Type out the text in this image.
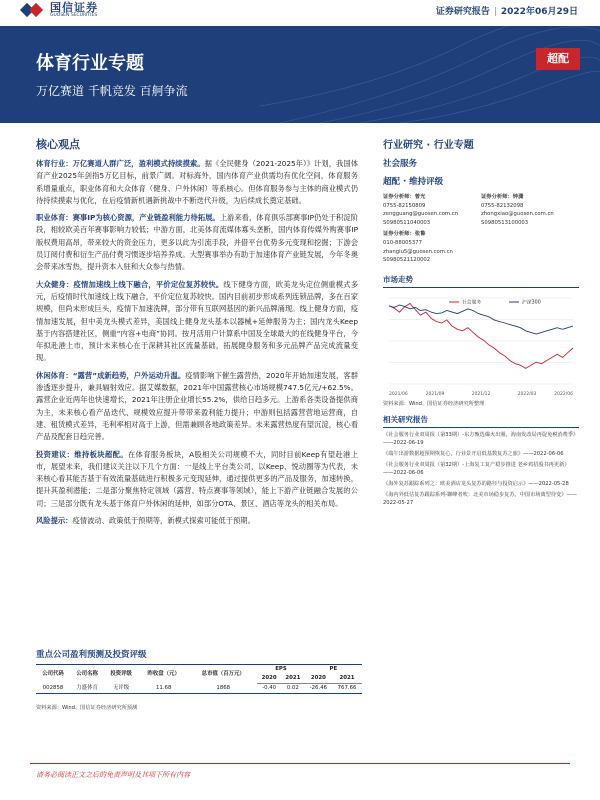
国信证券
GUOSEN SECURITIES	证券研究报告 | 2022年06月29日
体育行业专题
万亿赛道 千帆竞发 百舸争流
超配
核心观点

体育行业：万亿赛道人群广泛，盈利模式持续摸索。据《全民健身（2021-2025年）》计划，我国体育产业2025年剑指5万亿目标，前景广阔。对标海外，国内体育产业供需均有优化空间，体育服务系增量重点，职业体育和大众体育（健身、户外休闲）等系核心。但体育服务参与主体的商业模式仍待持续摸索与优化，在后疫情新机遇新挑战中不断迭代升级，为后续成长奠定基础。

职业体育：赛事IP为核心资源，产业链盈利能力待拓展。上游来看，体育俱乐部赛事IP仍处于积淀阶段，相较欧美百年赛事影响力较低；中游方面，北美体育流媒体寡头垄断，国内体育传媒外购赛事IP版权费用高昂，带来较大的资金压力，更多以此为引流手段，并借平台优势多元变现和挖掘；下游会员订阅付费和衍生产品付费习惯逐步培养养成。大型赛事举办有助于加速体育产业链发展，今年冬奥会带来冰雪热，提升资本入驻和大众参与热情。

大众健身：疫情加速线上线下融合，平价定位复苏较快。线下健身方面，欧美龙头定位侧重模式多元，后疫情时代加速线上线下融合，平价定位复苏较快。国内目前初步形成系列连锁品牌，多在百家规模，但尚未形成巨头，疫情下加速洗牌，部分带有互联网基因的新兴品牌涌现。线上健身方面，疫情加速发展，但中美龙头模式差异，美国线上健身龙头基本以器械+延伸服务为主；国内龙头Keep基于内容搭建社区，侧重“内容+电商”协同。按月活用户计算系中国及全球最大的在线健身平台，今年拟赴港上市，预计未来核心在于深耕其社区流量基础，拓展健身服务和多元品牌产品完成流量变现。

休闲体育：“露营”成新趋势，户外运动升温。疫情影响下催生露营热，2020年开始加速发展，客群渗透逐步提升，兼具辐射效应。据艾媒数据，2021年中国露营核心市场规模747.5亿元/+62.5%。露营企业近两年也快速增长，2021年注册企业增长55.2%，供给日趋多元。上游系各类设备提供商为主，未来核心看产品迭代、规模效应提升带带来盈利能力提升；中游则包括露营营地运营商，自建、租赁模式差异，毛利率相对高于上游，但需兼顾各地政策差异。未来露营热度有望沉淀，核心看产品及配套日趋完善。

投资建议：维持板块超配。在体育服务板块，A股相关公司规模不大，同时目前Keep有望赴港上市，展望未来，我们建议关注以下几个方面：一是线上平台类公司，以Keep、悦动圈等为代表，未来核心看其能否基于有效流量基础进行积极多元变现延伸，通过提供更多的产品及服务，加速转换，提升其盈利潜能；二是部分聚焦特定领域（露营、特点赛事等领域），能上下游产业链融合发展的公司；三是部分既有龙头基于体育户外休闲的延伸，如部分OTA、景区、酒店等龙头的相关布局。

风险提示：疫情波动、政策低于预期等，新模式探索可能低于预期。

行业研究 · 行业专题
社会服务
超配 · 维持评级
证券分析师：曾光
0755-82150809
zengguang@guosen.com.cn
S0980511040003
证券分析师：钟潇
0755-82132098
zhongxiao@guosen.com.cn
S0980513100003
证券分析师：张鲁
010-88005377
zhanglu5@guosen.com.cn
S0980521120002
市场走势
2021/06	2021/09	2021/12	2022/03	2022/06
社会服务	沪深300
资料来源：Wind、国信证券经济研究所整理
相关研究报告
《社会服务行业双周报（第33期）-东方甄选爆火出圈，海南发改局再促免税消费季》——2022-06-19
《端午出游数据超预期恢复心，行业景开启低基数复苏之旅》——2022-06-06
《社会服务行业双周报（第32期）-上海复工复产稳步推进 老乡鸡招股书再更新》——2022-06-06
《海外复苏跟踪系列之：欧美酒店龙头复苏的路径与投资启示》——2022-05-28
《海内外低估复苏跟踪系列-御峰者吹：北美市场稳步复苏，中国市场离型待变》——2022-05-27
重点公司盈利预测及投资评级
公司代码	公司名称	投资评级	昨收盘（元）	总市值（百万元）	EPS		PE	
					2020	2021	2020	2021
002858	力盛体育	无评级	11.68	1868	-0.40	0.02	-26.46	767.66
资料来源：Wind、国信证券经济研究所预测
请务必阅读正文之后的免责声明及其项下所有内容
